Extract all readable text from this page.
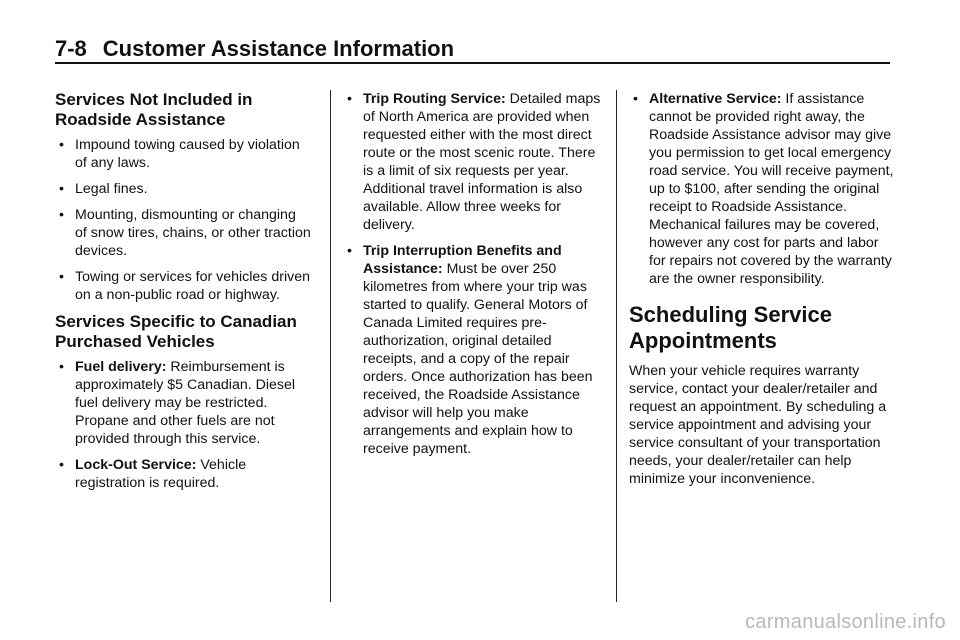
7-8 Customer Assistance Information
Services Not Included in Roadside Assistance
• Impound towing caused by violation of any laws.
• Legal fines.
• Mounting, dismounting or changing of snow tires, chains, or other traction devices.
• Towing or services for vehicles driven on a non-public road or highway.
Services Specific to Canadian Purchased Vehicles
• Fuel delivery: Reimbursement is approximately $5 Canadian. Diesel fuel delivery may be restricted. Propane and other fuels are not provided through this service.
• Lock-Out Service: Vehicle registration is required.
• Trip Routing Service: Detailed maps of North America are provided when requested either with the most direct route or the most scenic route. There is a limit of six requests per year. Additional travel information is also available. Allow three weeks for delivery.
• Trip Interruption Benefits and Assistance: Must be over 250 kilometres from where your trip was started to qualify. General Motors of Canada Limited requires pre-authorization, original detailed receipts, and a copy of the repair orders. Once authorization has been received, the Roadside Assistance advisor will help you make arrangements and explain how to receive payment.
• Alternative Service: If assistance cannot be provided right away, the Roadside Assistance advisor may give you permission to get local emergency road service. You will receive payment, up to $100, after sending the original receipt to Roadside Assistance. Mechanical failures may be covered, however any cost for parts and labor for repairs not covered by the warranty are the owner responsibility.
Scheduling Service Appointments

When your vehicle requires warranty service, contact your dealer/retailer and request an appointment. By scheduling a service appointment and advising your service consultant of your transportation needs, your dealer/retailer can help minimize your inconvenience.

carmanualsonline.info
